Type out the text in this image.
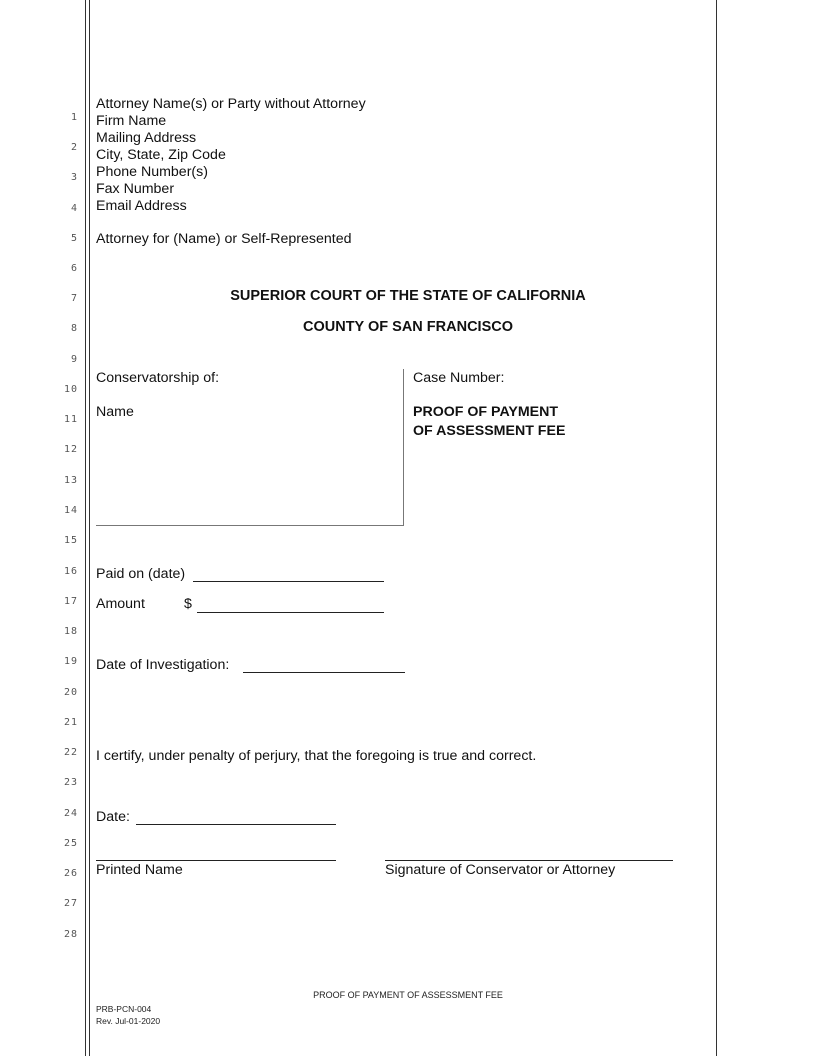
1
2
3
4
5
6
7
8
9
10
11
12
13
14
15
16
17
18
19
20
21
22
23
24
25
26
27
28
Attorney Name(s) or Party without Attorney
Firm Name
Mailing Address
City, State, Zip Code
Phone Number(s)
Fax Number
Email Address
Attorney for (Name) or Self-Represented
SUPERIOR COURT OF THE STATE OF CALIFORNIA
COUNTY OF SAN FRANCISCO
Conservatorship of:
Name
Case Number:
PROOF OF PAYMENT
OF ASSESSMENT FEE
Paid on (date)
Amount	$
Date of Investigation:
I certify, under penalty of perjury, that the foregoing is true and correct.
Date:
Printed Name	Signature of Conservator or Attorney
PROOF OF PAYMENT OF ASSESSMENT FEE
PRB-PCN-004
Rev. Jul-01-2020
